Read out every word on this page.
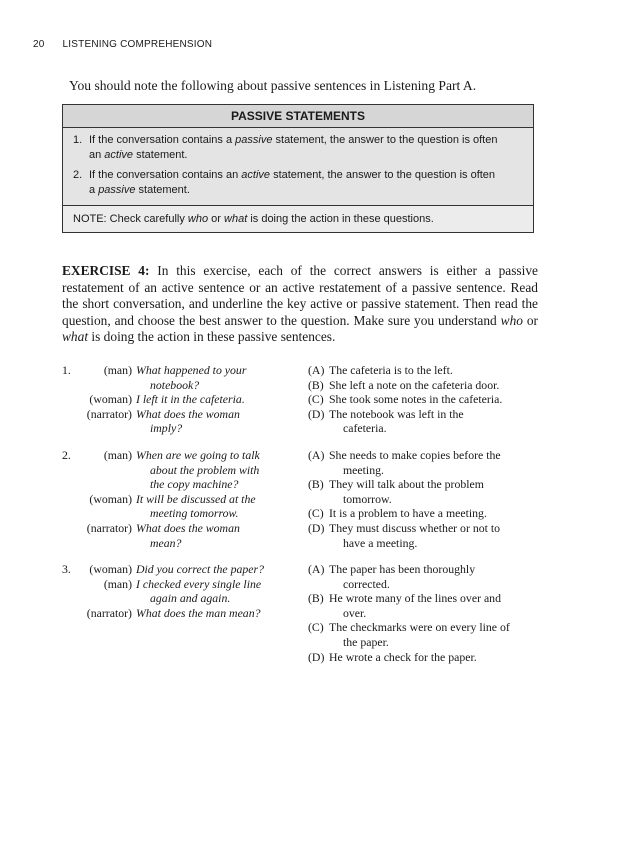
20 LISTENING COMPREHENSION
You should note the following about passive sentences in Listening Part A.
PASSIVE STATEMENTS
1. If the conversation contains a passive statement, the answer to the question is often
an active statement.
2. If the conversation contains an active statement, the answer to the question is often
a passive statement.
NOTE: Check carefully who or what is doing the action in these questions.
EXERCISE 4: In this exercise, each of the correct answers is either a passive restatement of an active sentence or an active restatement of a passive sentence. Read the short conversation, and underline the key active or passive statement. Then read the question, and choose the best answer to the question. Make sure you understand who or what is doing the action in these passive sentences.
1.	(man) What happened to your
notebook?
(woman) I left it in the cafeteria.
(narrator) What does the woman
imply?
(A) The cafeteria is to the left.
(B) She left a note on the cafeteria door.
(C) She took some notes in the cafeteria.
(D) The notebook was left in the
cafeteria.
2.	(man) When are we going to talk
about the problem with
the copy machine?
(woman) It will be discussed at the
meeting tomorrow.
(narrator) What does the woman
mean?
(A) She needs to make copies before the
meeting.
(B) They will talk about the problem
tomorrow.
(C) It is a problem to have a meeting.
(D) They must discuss whether or not to
have a meeting.
3. (woman) Did you correct the paper?
(man) I checked every single line
again and again.
(narrator) What does the man mean?
(A) The paper has been thoroughly
corrected.
(B) He wrote many of the lines over and
over.
(C) The checkmarks were on every line of
the paper.
(D) He wrote a check for the paper.
